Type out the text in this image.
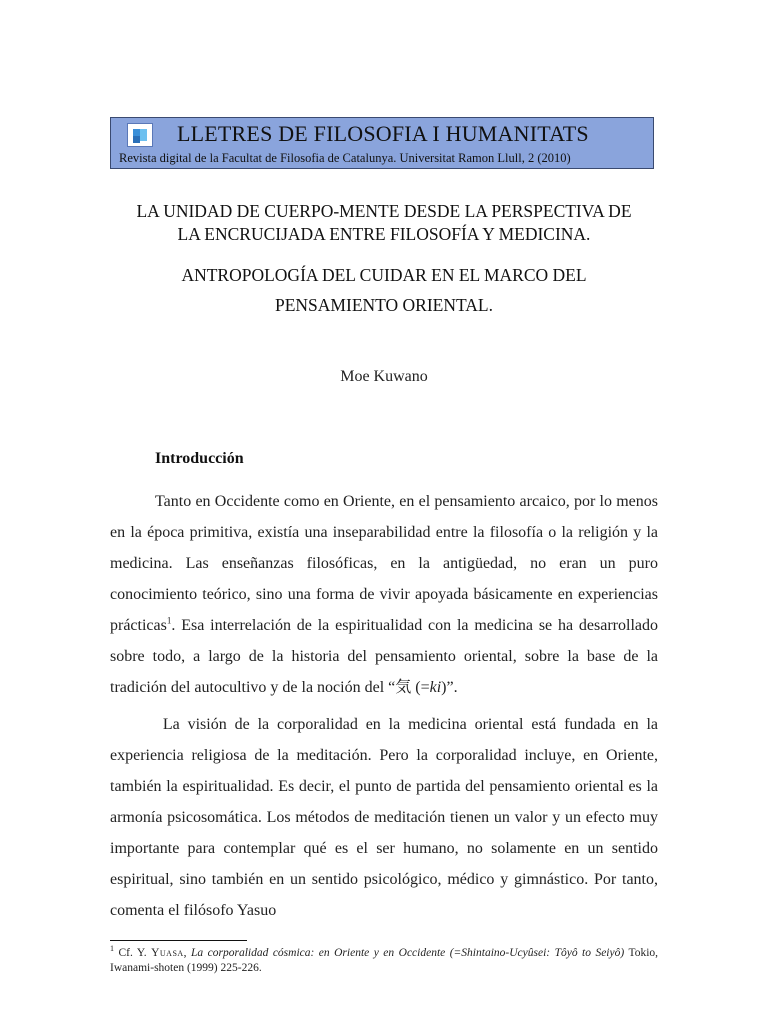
LLETRES DE FILOSOFIA I HUMANITATS
Revista digital de la Facultat de Filosofia de Catalunya. Universitat Ramon Llull, 2 (2010)
LA UNIDAD DE CUERPO-MENTE DESDE LA PERSPECTIVA DE
LA ENCRUCIJADA ENTRE FILOSOFÍA Y MEDICINA.
ANTROPOLOGÍA DEL CUIDAR EN EL MARCO DEL
PENSAMIENTO ORIENTAL.
Moe Kuwano
Introducción
Tanto en Occidente como en Oriente, en el pensamiento arcaico, por lo menos en la época primitiva, existía una inseparabilidad entre la filosofía o la religión y la medicina. Las enseñanzas filosóficas, en la antigüedad, no eran un puro conocimiento teórico, sino una forma de vivir apoyada básicamente en experiencias prácticas$^1$. Esa interrelación de la espiritualidad con la medicina se ha desarrollado sobre todo, a largo de la historia del pensamiento oriental, sobre la base de la tradición del autocultivo y de la noción del “気 (=ki)”.
La visión de la corporalidad en la medicina oriental está fundada en la experiencia religiosa de la meditación. Pero la corporalidad incluye, en Oriente, también la espiritualidad. Es decir, el punto de partida del pensamiento oriental es la armonía psicosomática. Los métodos de meditación tienen un valor y un efecto muy importante para contemplar qué es el ser humano, no solamente en un sentido espiritual, sino también en un sentido psicológico, médico y gimnástico. Por tanto, comenta el filósofo Yasuo
$^1$ Cf. Y. Yuasa, La corporalidad cósmica: en Oriente y en Occidente (=Shintaino-Ucyûsei: Tôyô to Seiyô) Tokio, Iwanami-shoten (1999) 225-226.
